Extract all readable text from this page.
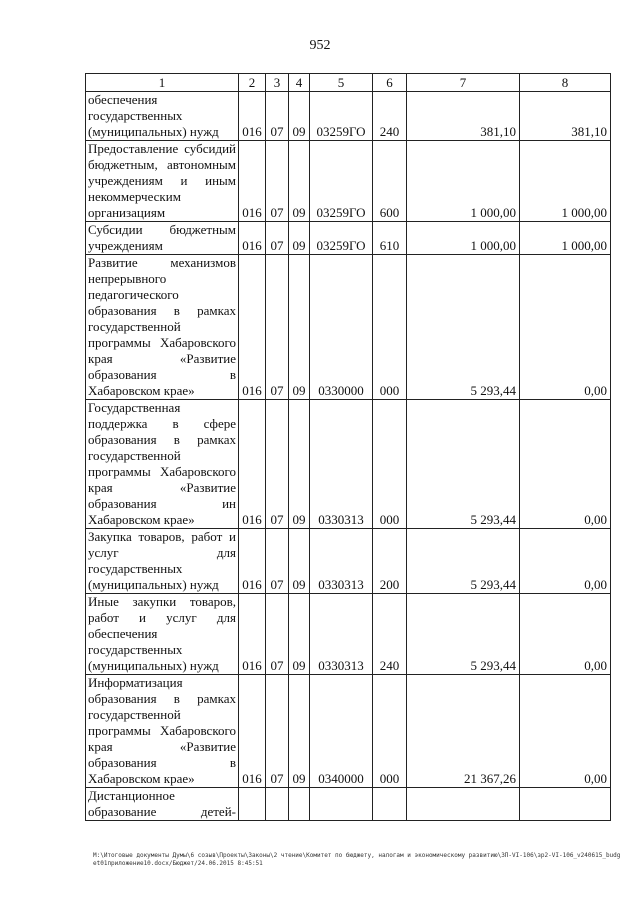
952
1	2	3	4	5	6	7	8
обеспечения государственных (муниципальных) нужд	016	07	09	03259ГО	240	381,10	381,10
Предоставление субсидий бюджетным, автономным учреждениям и иным некоммерческим организациям	016	07	09	03259ГО	600	1 000,00	1 000,00
Субсидии бюджетным учреждениям	016	07	09	03259ГО	610	1 000,00	1 000,00
Развитие механизмов непрерывного педагогического образования в рамках государственной программы Хабаровского края «Развитие образования в Хабаровском крае»	016	07	09	0330000	000	5 293,44	0,00
Государственная поддержка в сфере образования в рамках государственной программы Хабаровского края «Развитие образования ин Хабаровском крае»	016	07	09	0330313	000	5 293,44	0,00
Закупка товаров, работ и услуг для государственных (муниципальных) нужд	016	07	09	0330313	200	5 293,44	0,00
Иные закупки товаров, работ и услуг для обеспечения государственных (муниципальных) нужд	016	07	09	0330313	240	5 293,44	0,00
Информатизация образования в рамках государственной программы Хабаровского края «Развитие образования в Хабаровском крае»	016	07	09	0340000	000	21 367,26	0,00
Дистанционное образование детей-							
М:\Итоговые документы Думы\6 созыв\Проекты\Законы\2 чтение\Комитет по бюджету, налогам и экономическому развитию\ЗП-VI-106\зр2-VI-106_v240615_budget01приложение10.docx/Бюджет/24.06.2015 8:45:51
